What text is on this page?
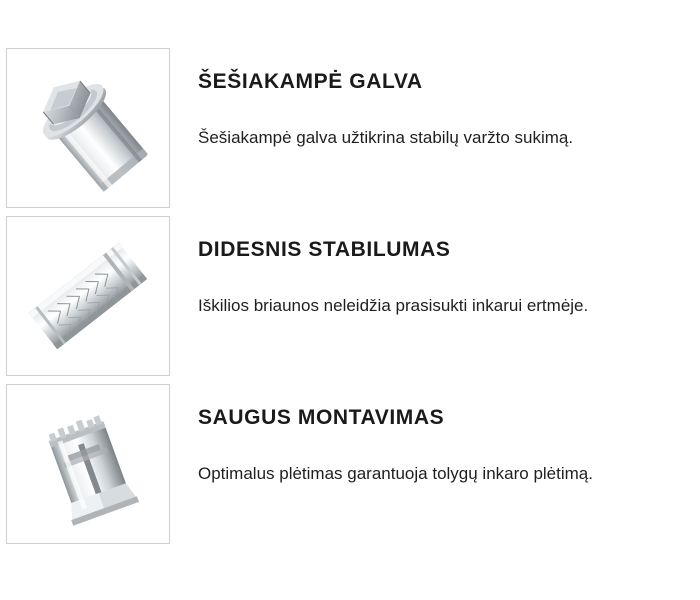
ŠEŠIAKAMPĖ GALVA

Šešiakampė galva užtikrina stabilų varžto sukimą.

DIDESNIS STABILUMAS

Iškilios briaunos neleidžia prasisukti inkarui ertmėje.

SAUGUS MONTAVIMAS

Optimalus plėtimas garantuoja tolygų inkaro plėtimą.
